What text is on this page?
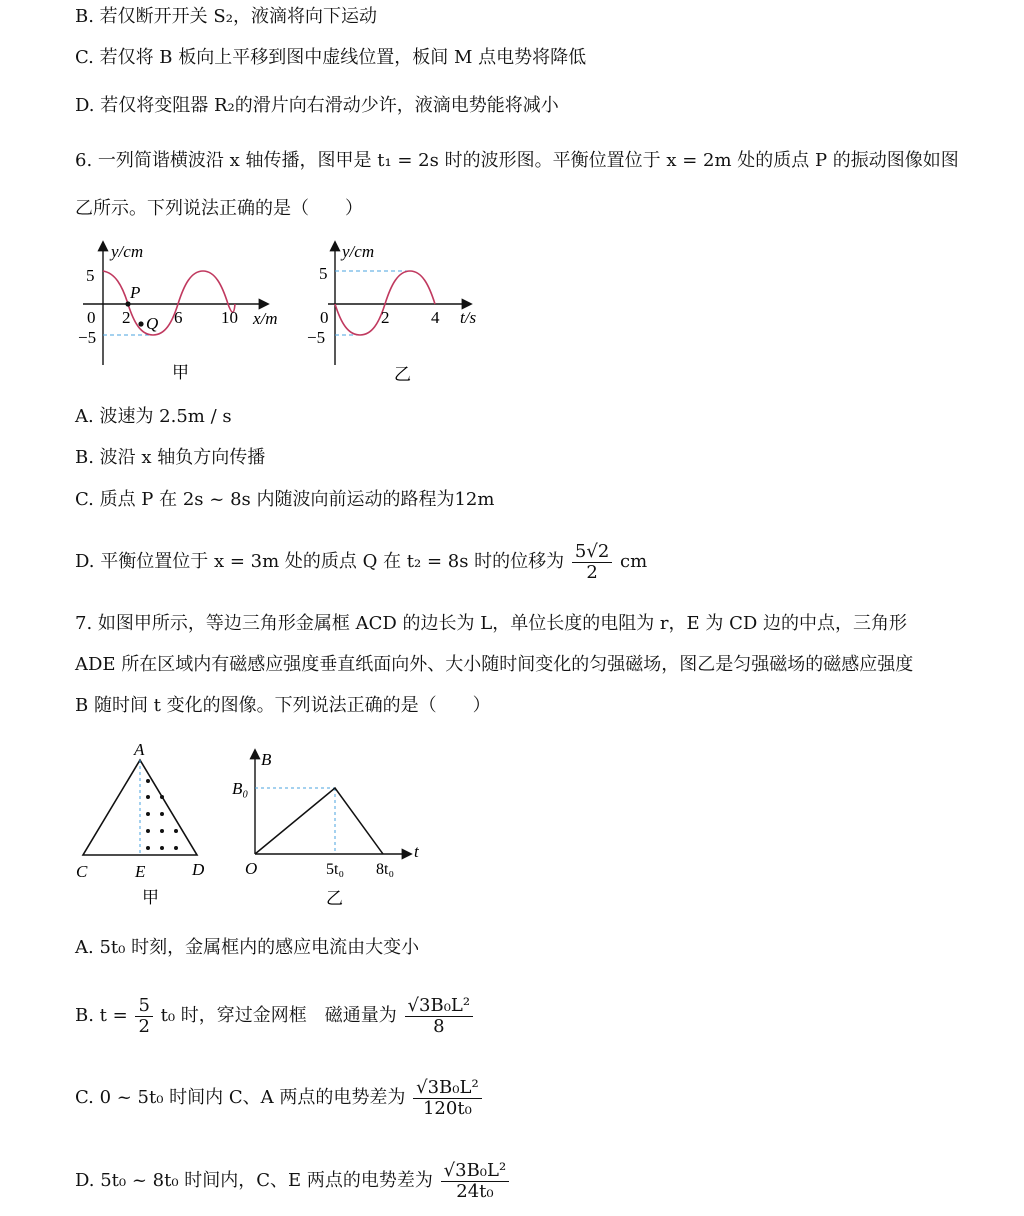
B. 若仅断开开关 S₂，液滴将向下运动
C. 若仅将 B 板向上平移到图中虚线位置，板间 M 点电势将降低
D. 若仅将变阻器 R₂的滑片向右滑动少许，液滴电势能将减小
6. 一列简谐横波沿 x 轴传播，图甲是 t₁ = 2s 时的波形图。平衡位置位于 x = 2m 处的质点 P 的振动图像如图
乙所示。下列说法正确的是（　　）
y/cm
x/m
5
−5
0 2	6 10
P
Q
甲
y/cm
t/s
5
−5
0	2 4
乙
A. 波速为 2.5m / s
B. 波沿 x 轴负方向传播
C. 质点 P 在 2s ~ 8s 内随波向前运动的路程为12m
D. 平衡位置位于 x = 3m 处的质点 Q 在 t₂ = 8s 时的位移为 $\frac{5√2}{2}$ cm
7. 如图甲所示，等边三角形金属框 ACD 的边长为 L，单位长度的电阻为 r，E 为 CD 边的中点，三角形
ADE 所在区域内有磁感应强度垂直纸面向外、大小随时间变化的匀强磁场，图乙是匀强磁场的磁感应强度
B 随时间 t 变化的图像。下列说法正确的是（　　）
A
C	E	D
甲
B
B₀
O	5t₀ 8t₀
t
乙
A. 5t₀ 时刻，金属框内的感应电流由大变小
B. $t = \frac{5}{2} t_0$ 时，穿过金网框　磁通量为 $\frac{\text{√3B₀L²}}{8}$
C. 0 ~ 5t₀ 时间内 C、A 两点的电势差为 $\frac{\text{√3B₀L²}}{\text{120t₀}}$
D. 5t₀ ~ 8t₀ 时间内，C、E 两点的电势差为 $\frac{\text{√3B₀L²}}{\text{24t₀}}$
